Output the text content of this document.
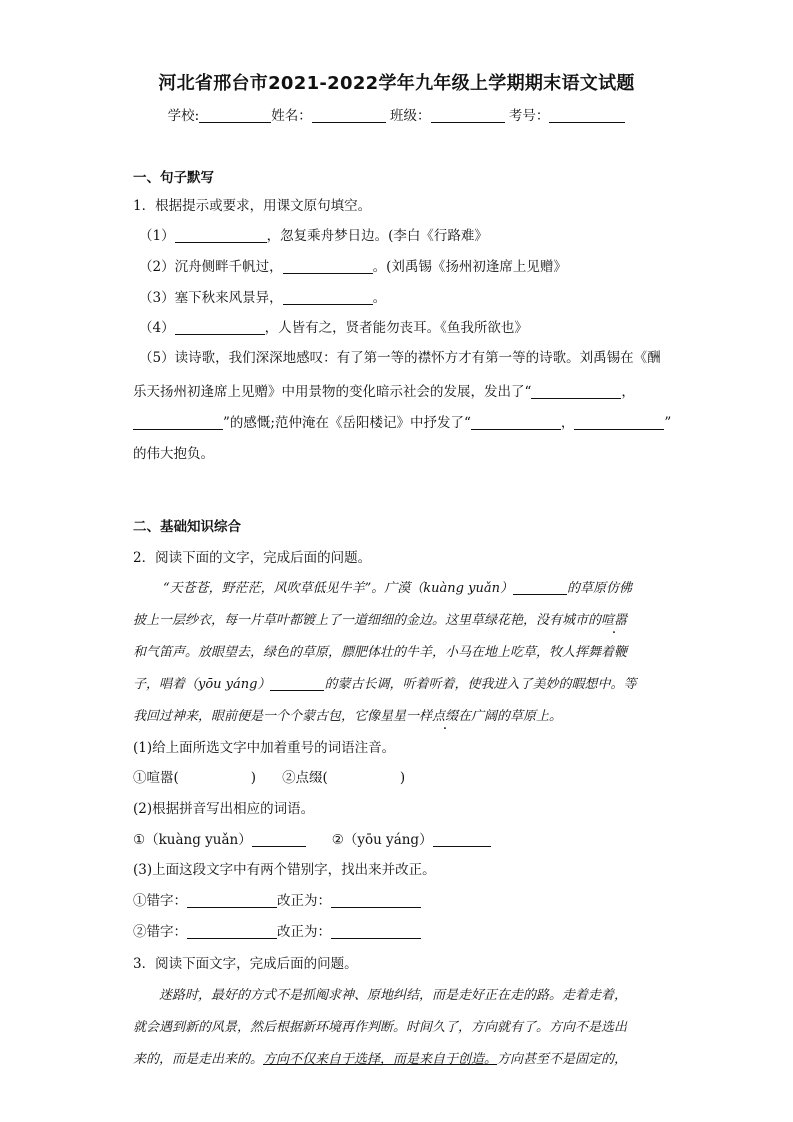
河北省邢台市2021-2022学年九年级上学期期末语文试题
学校:	姓名：	班级：	考号：
一、句子默写
1．根据提示或要求，用课文原句填空。
（1）	，忽复乘舟梦日边。(李白《行路难》
（2）沉舟侧畔千帆过，	。(刘禹锡《扬州初逢席上见赠》
（3）塞下秋来风景异，	。
（4）	，人皆有之，贤者能勿丧耳。《鱼我所欲也》
（5）读诗歌，我们深深地感叹：有了第一等的襟怀方才有第一等的诗歌。刘禹锡在《酬
乐天扬州初逢席上见赠》中用景物的变化暗示社会的发展，发出了“	，
”的感慨;范仲淹在《岳阳楼记》中抒发了“	，	”
的伟大抱负。
二、基础知识综合
2．阅读下面的文字，完成后面的问题。
“天苍苍，野茫茫，风吹草低见牛羊”。广漠（kuàng yuǎn）	的草原仿佛
披上一层纱衣，每一片草叶都镀上了一道细细的金边。这里草绿花艳，没有城市的喧嚣
和气笛声。放眼望去，绿色的草原，膘肥体壮的牛羊，小马在地上吃草，牧人挥舞着鞭
子，唱着（yōu yáng）	的蒙古长调，听着听着，使我进入了美妙的暇想中。等
我回过神来，眼前便是一个个蒙古包，它像星星一样点缀在广阔的草原上。
(1)给上面所选文字中加着重号的词语注音。
①喧嚣(	) ②点缀(	)
(2)根据拼音写出相应的词语。
①（kuàng yuǎn）	②（yōu yáng）
(3)上面这段文字中有两个错别字，找出来并改正。
①错字：	改正为：
②错字：	改正为：
3．阅读下面文字，完成后面的问题。
迷路时，最好的方式不是抓阄求神、原地纠结，而是走好正在走的路。走着走着，
就会遇到新的风景，然后根据新环境再作判断。时间久了，方向就有了。方向不是选出
来的，而是走出来的。方向不仅来自于选择，而是来自于创造。方向甚至不是固定的，
